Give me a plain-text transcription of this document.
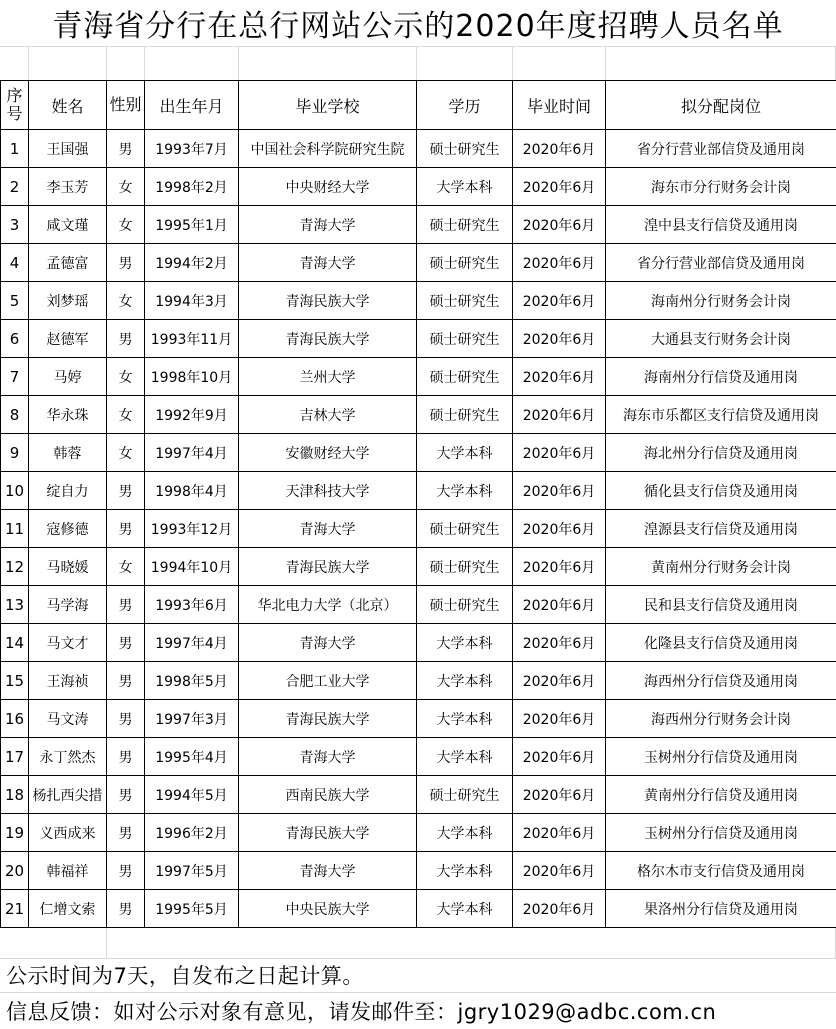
青海省分行在总行网站公示的2020年度招聘人员名单
序号	姓名	性别	出生年月	毕业学校	学历	毕业时间	拟分配岗位
1	王国强	男	1993年7月	中国社会科学院研究生院	硕士研究生	2020年6月	省分行营业部信贷及通用岗
2	李玉芳	女	1998年2月	中央财经大学	大学本科	2020年6月	海东市分行财务会计岗
3	咸文瑾	女	1995年1月	青海大学	硕士研究生	2020年6月	湟中县支行信贷及通用岗
4	孟德富	男	1994年2月	青海大学	硕士研究生	2020年6月	省分行营业部信贷及通用岗
5	刘梦瑶	女	1994年3月	青海民族大学	硕士研究生	2020年6月	海南州分行财务会计岗
6	赵德军	男	1993年11月	青海民族大学	硕士研究生	2020年6月	大通县支行财务会计岗
7	马婷	女	1998年10月	兰州大学	硕士研究生	2020年6月	海南州分行信贷及通用岗
8	华永珠	女	1992年9月	吉林大学	硕士研究生	2020年6月	海东市乐都区支行信贷及通用岗
9	韩蓉	女	1997年4月	安徽财经大学	大学本科	2020年6月	海北州分行信贷及通用岗
10	绽自力	男	1998年4月	天津科技大学	大学本科	2020年6月	循化县支行信贷及通用岗
11	寇修德	男	1993年12月	青海大学	硕士研究生	2020年6月	湟源县支行信贷及通用岗
12	马晓媛	女	1994年10月	青海民族大学	硕士研究生	2020年6月	黄南州分行财务会计岗
13	马学海	男	1993年6月	华北电力大学（北京）	硕士研究生	2020年6月	民和县支行信贷及通用岗
14	马文才	男	1997年4月	青海大学	大学本科	2020年6月	化隆县支行信贷及通用岗
15	王海祯	男	1998年5月	合肥工业大学	大学本科	2020年6月	海西州分行信贷及通用岗
16	马文涛	男	1997年3月	青海民族大学	大学本科	2020年6月	海西州分行财务会计岗
17	永丁然杰	男	1995年4月	青海大学	大学本科	2020年6月	玉树州分行信贷及通用岗
18	杨扎西尖措	男	1994年5月	西南民族大学	硕士研究生	2020年6月	黄南州分行信贷及通用岗
19	义西成来	男	1996年2月	青海民族大学	大学本科	2020年6月	玉树州分行信贷及通用岗
20	韩福祥	男	1997年5月	青海大学	大学本科	2020年6月	格尔木市支行信贷及通用岗
21	仁增文索	男	1995年5月	中央民族大学	大学本科	2020年6月	果洛州分行信贷及通用岗
公示时间为7天，自发布之日起计算。
信息反馈：如对公示对象有意见，请发邮件至：jgry1029@adbc.com.cn
